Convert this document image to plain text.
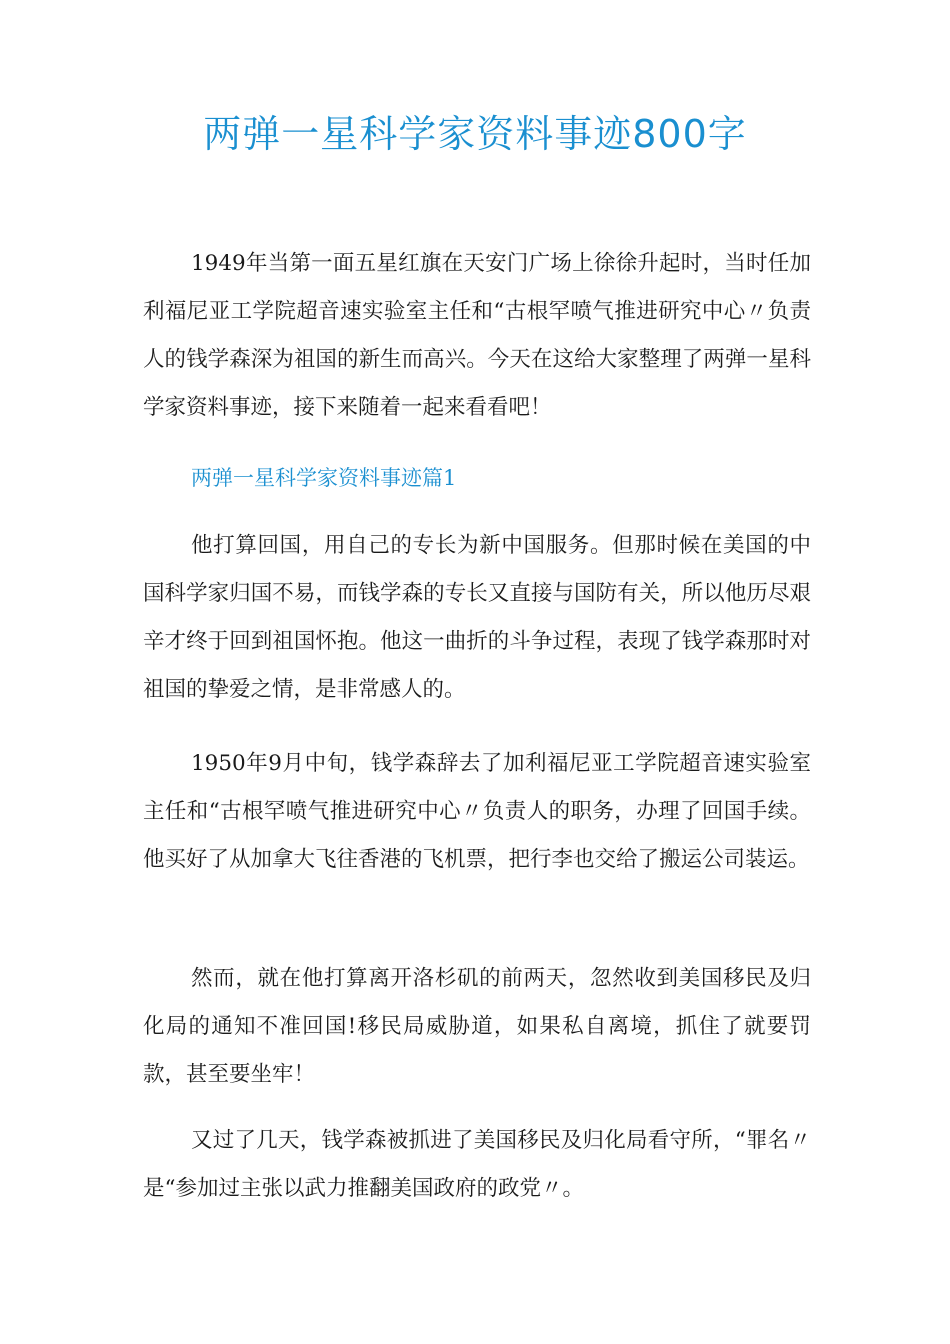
两弹一星科学家资料事迹800字

1949年当第一面五星红旗在天安门广场上徐徐升起时，当时任加利福尼亚工学院超音速实验室主任和“古根罕喷气推进研究中心〃负责人的钱学森深为祖国的新生而高兴。今天在这给大家整理了两弹一星科学家资料事迹，接下来随着一起来看看吧！

两弹一星科学家资料事迹篇1

他打算回国，用自己的专长为新中国服务。但那时候在美国的中国科学家归国不易，而钱学森的专长又直接与国防有关，所以他历尽艰辛才终于回到祖国怀抱。他这一曲折的斗争过程，表现了钱学森那时对祖国的挚爱之情，是非常感人的。

1950年9月中旬，钱学森辞去了加利福尼亚工学院超音速实验室主任和“古根罕喷气推进研究中心〃负责人的职务，办理了回国手续。他买好了从加拿大飞往香港的飞机票，把行李也交给了搬运公司装运。

然而，就在他打算离开洛杉矶的前两天，忽然收到美国移民及归化局的通知不准回国!移民局威胁道，如果私自离境，抓住了就要罚款，甚至要坐牢！

又过了几天，钱学森被抓进了美国移民及归化局看守所，“罪名〃是“参加过主张以武力推翻美国政府的政党〃。
